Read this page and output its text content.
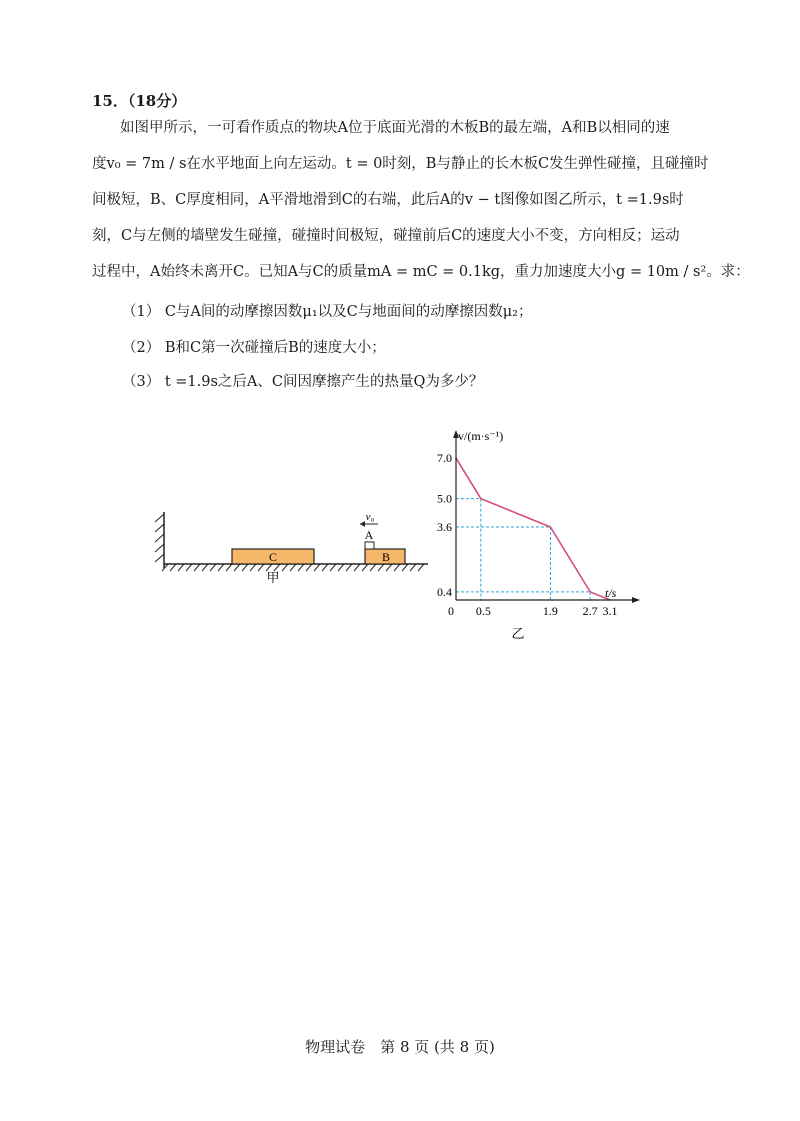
15．（18分）
如图甲所示，一可看作质点的物块A位于底面光滑的木板B的最左端，A和B以相同的速
度v₀ = 7m / s在水平地面上向左运动。t = 0时刻，B与静止的长木板C发生弹性碰撞，且碰撞时
间极短，B、C厚度相同，A平滑地滑到C的右端，此后A的v − t图像如图乙所示，t =1.9s时
刻，C与左侧的墙壁发生碰撞，碰撞时间极短，碰撞前后C的速度大小不变，方向相反；运动
过程中，A始终未离开C。已知A与C的质量mA = mC = 0.1kg，重力加速度大小g = 10m / s²。求：
（1） C与A间的动摩擦因数μ₁以及C与地面间的动摩擦因数μ₂；
（2） B和C第一次碰撞后B的速度大小；
（3） t =1.9s之后A、C间因摩擦产生的热量Q为多少？
C	B
A
v₀
甲
7.0
5.0
3.6
0.4
0 0.5	1.9 2.7 3.1
v/(m·s⁻¹)
t/s
乙
物理试卷　第 8 页 (共 8 页)
